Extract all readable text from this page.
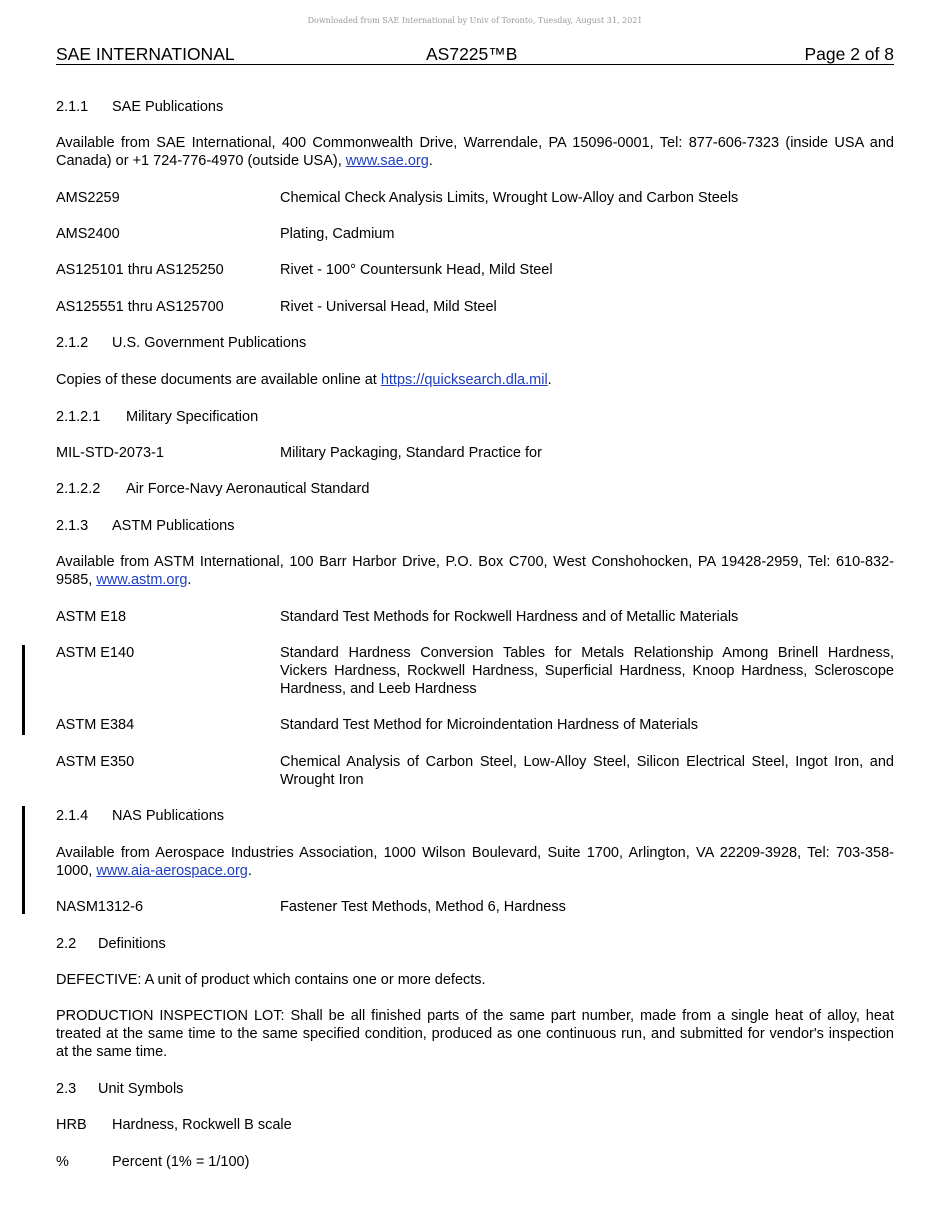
Downloaded from SAE International by Univ of Toronto, Tuesday, August 31, 2021
SAE INTERNATIONAL	AS7225™B	Page 2 of 8
2.1.1 SAE Publications
Available from SAE International, 400 Commonwealth Drive, Warrendale, PA 15096-0001, Tel: 877-606-7323 (inside USA and Canada) or +1 724-776-4970 (outside USA), www.sae.org.
AMS2259	Chemical Check Analysis Limits, Wrought Low-Alloy and Carbon Steels
AMS2400	Plating, Cadmium
AS125101 thru AS125250	Rivet - 100° Countersunk Head, Mild Steel
AS125551 thru AS125700	Rivet - Universal Head, Mild Steel
2.1.2 U.S. Government Publications
Copies of these documents are available online at https://quicksearch.dla.mil.
2.1.2.1 Military Specification
MIL-STD-2073-1	Military Packaging, Standard Practice for
2.1.2.2 Air Force-Navy Aeronautical Standard
2.1.3 ASTM Publications
Available from ASTM International, 100 Barr Harbor Drive, P.O. Box C700, West Conshohocken, PA 19428-2959, Tel: 610-832-9585, www.astm.org.
ASTM E18	Standard Test Methods for Rockwell Hardness and of Metallic Materials
ASTM E140	Standard Hardness Conversion Tables for Metals Relationship Among Brinell Hardness, Vickers Hardness, Rockwell Hardness, Superficial Hardness, Knoop Hardness, Scleroscope Hardness, and Leeb Hardness
ASTM E384	Standard Test Method for Microindentation Hardness of Materials
ASTM E350	Chemical Analysis of Carbon Steel, Low-Alloy Steel, Silicon Electrical Steel, Ingot Iron, and Wrought Iron
2.1.4 NAS Publications
Available from Aerospace Industries Association, 1000 Wilson Boulevard, Suite 1700, Arlington, VA 22209-3928, Tel: 703-358-1000, www.aia-aerospace.org.
NASM1312-6	Fastener Test Methods, Method 6, Hardness
2.2 Definitions
DEFECTIVE: A unit of product which contains one or more defects.
PRODUCTION INSPECTION LOT: Shall be all finished parts of the same part number, made from a single heat of alloy, heat treated at the same time to the same specified condition, produced as one continuous run, and submitted for vendor's inspection at the same time.
2.3 Unit Symbols
HRB Hardness, Rockwell B scale
%	Percent (1% = 1/100)
